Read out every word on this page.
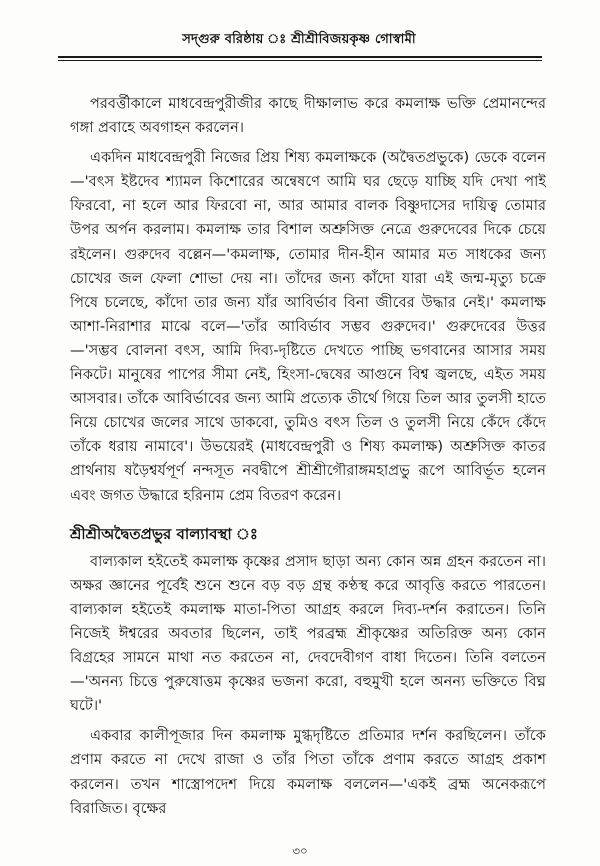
সদ্গুরু বরিষ্ঠায় ঃ শ্রীশ্রীবিজয়কৃষ্ণ গোস্বামী

পরবর্ত্তীকালে মাধবেন্দ্রপুরীজীর কাছে দীক্ষালাভ করে কমলাক্ষ ভক্তি প্রেমানন্দের গঙ্গা প্রবাহে অবগাহন করলেন।

একদিন মাধবেন্দ্রপুরী নিজের প্রিয় শিষ্য কমলাক্ষকে (অদ্বৈতপ্রভুকে) ডেকে বলেন—'বৎস ইষ্টদেব শ্যামল কিশোরের অন্বেষণে আমি ঘর ছেড়ে যাচ্ছি যদি দেখা পাই ফিরবো, না হলে আর ফিরবো না, আর আমার বালক বিষ্ণুদাসের দায়িত্ব তোমার উপর অর্পন করলাম। কমলাক্ষ তার বিশাল অশ্রুসিক্ত নেত্রে গুরুদেবের দিকে চেয়ে রইলেন। গুরুদেব বল্লেন—'কমলাক্ষ, তোমার দীন-হীন আমার মত সাধকের জন্য চোখের জল ফেলা শোভা দেয় না। তাঁদের জন্য কাঁদো যারা এই জন্ম-মৃত্যু চক্রে পিষে চলেছে, কাঁদো তার জন্য যাঁর আবির্ভাব বিনা জীবের উদ্ধার নেই।' কমলাক্ষ আশা-নিরাশার মাঝে বলে—'তাঁর আবির্ভাব সম্ভব গুরুদেব।' গুরুদেবের উত্তর—'সম্ভব বোলনা বৎস, আমি দিব্য-দৃষ্টিতে দেখতে পাচ্ছি ভগবানের আসার সময় নিকটে। মানুষের পাপের সীমা নেই, হিংসা-দ্বেষের আগুনে বিশ্ব জ্বলছে, এইত সময় আসবার। তাঁকে আবির্ভাবের জন্য আমি প্রত্যেক তীর্থে গিয়ে তিল আর তুলসী হাতে নিয়ে চোখের জলের সাথে ডাকবো, তুমিও বৎস তিল ও তুলসী নিয়ে কেঁদে কেঁদে তাঁকে ধরায় নামাবে'। উভয়েরই (মাধবেন্দ্রপুরী ও শিষ্য কমলাক্ষ) অশ্রুসিক্ত কাতর প্রার্থনায় ষড়ৈশ্বর্যপূর্ণ নন্দসূত নবদ্বীপে শ্রীশ্রীগৌরাঙ্গমহাপ্রভু রূপে আবির্ভূত হলেন এবং জগত উদ্ধারে হরিনাম প্রেম বিতরণ করেন।

শ্রীশ্রীঅদ্বৈতপ্রভুর বাল্যাবস্থা ঃ

বাল্যকাল হইতেই কমলাক্ষ কৃষ্ণের প্রসাদ ছাড়া অন্য কোন অন্ন গ্রহন করতেন না। অক্ষর জ্ঞানের পূর্বেই শুনে শুনে বড় বড় গ্রন্থ কণ্ঠস্থ করে আবৃত্তি করতে পারতেন। বাল্যকাল হইতেই কমলাক্ষ মাতা-পিতা আগ্রহ করলে দিব্য-দর্শন করাতেন। তিনি নিজেই ঈশ্বরের অবতার ছিলেন, তাই পরব্রহ্ম শ্রীকৃষ্ণের অতিরিক্ত অন্য কোন বিগ্রহের সামনে মাথা নত করতেন না, দেবদেবীগণ বাধা দিতেন। তিনি বলতেন—'অনন্য চিত্তে পুরুষোত্তম কৃষ্ণের ভজনা করো, বহুমুখী হলে অনন্য ভক্তিতে বিঘ্ন ঘটে।'

একবার কালীপূজার দিন কমলাক্ষ মুগ্ধদৃষ্টিতে প্রতিমার দর্শন করছিলেন। তাঁকে প্রণাম করতে না দেখে রাজা ও তাঁর পিতা তাঁকে প্রণাম করতে আগ্রহ প্রকাশ করলেন। তখন শাস্ত্রোপদেশ দিয়ে কমলাক্ষ বললেন—'একই ব্রহ্ম অনেকরূপে বিরাজিত। বৃক্ষের

৩০
